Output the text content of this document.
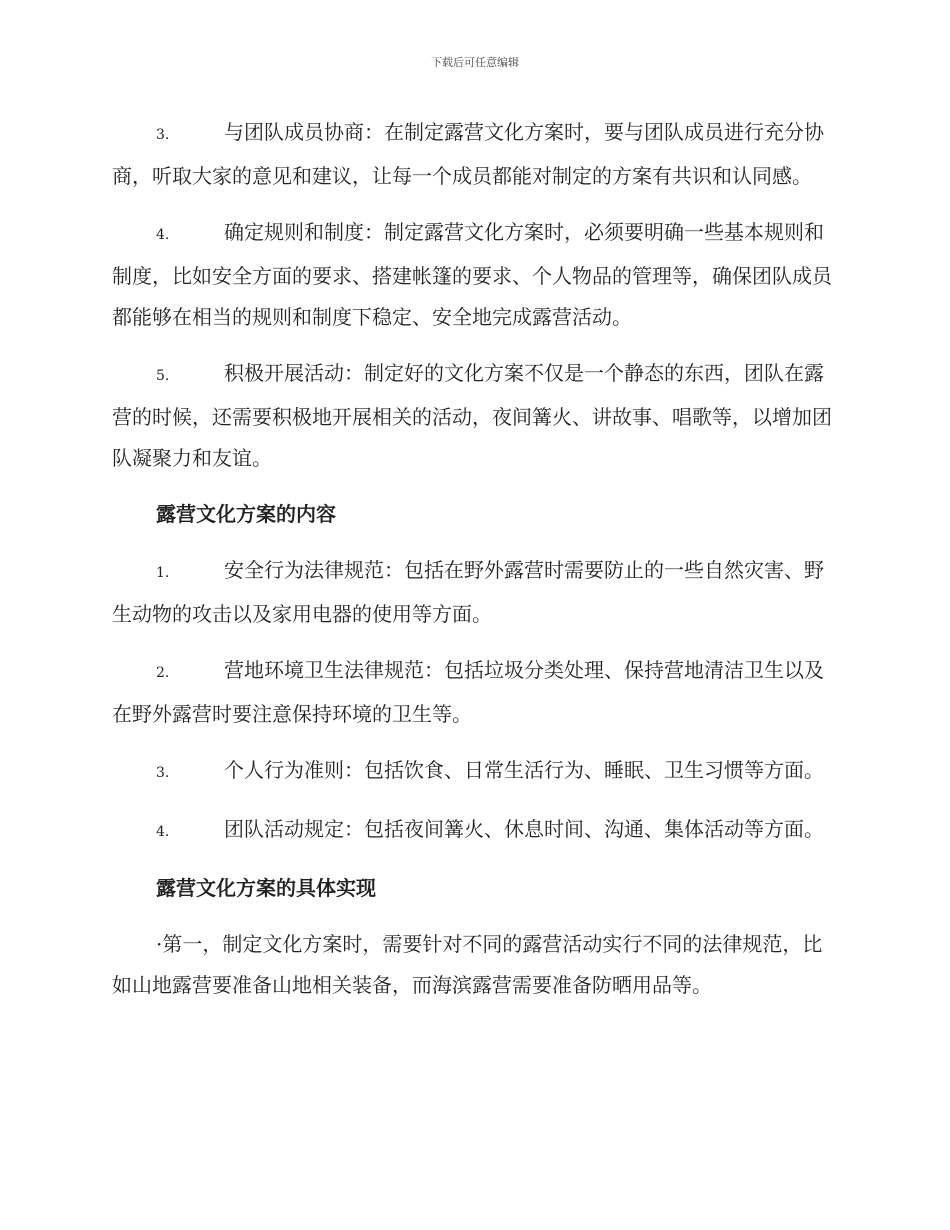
下载后可任意编辑

3.	与团队成员协商：在制定露营文化方案时，要与团队成员进行充分协商，听取大家的意见和建议，让每一个成员都能对制定的方案有共识和认同感。

4.	确定规则和制度：制定露营文化方案时，必须要明确一些基本规则和制度，比如安全方面的要求、搭建帐篷的要求、个人物品的管理等，确保团队成员都能够在相当的规则和制度下稳定、安全地完成露营活动。

5.	积极开展活动：制定好的文化方案不仅是一个静态的东西，团队在露营的时候，还需要积极地开展相关的活动，夜间篝火、讲故事、唱歌等，以增加团队凝聚力和友谊。

露营文化方案的内容

1.	安全行为法律规范：包括在野外露营时需要防止的一些自然灾害、野生动物的攻击以及家用电器的使用等方面。

2.	营地环境卫生法律规范：包括垃圾分类处理、保持营地清洁卫生以及在野外露营时要注意保持环境的卫生等。

3.	个人行为准则：包括饮食、日常生活行为、睡眠、卫生习惯等方面。

4.	团队活动规定：包括夜间篝火、休息时间、沟通、集体活动等方面。

露营文化方案的具体实现

·第一，制定文化方案时，需要针对不同的露营活动实行不同的法律规范，比如山地露营要准备山地相关装备，而海滨露营需要准备防晒用品等。
